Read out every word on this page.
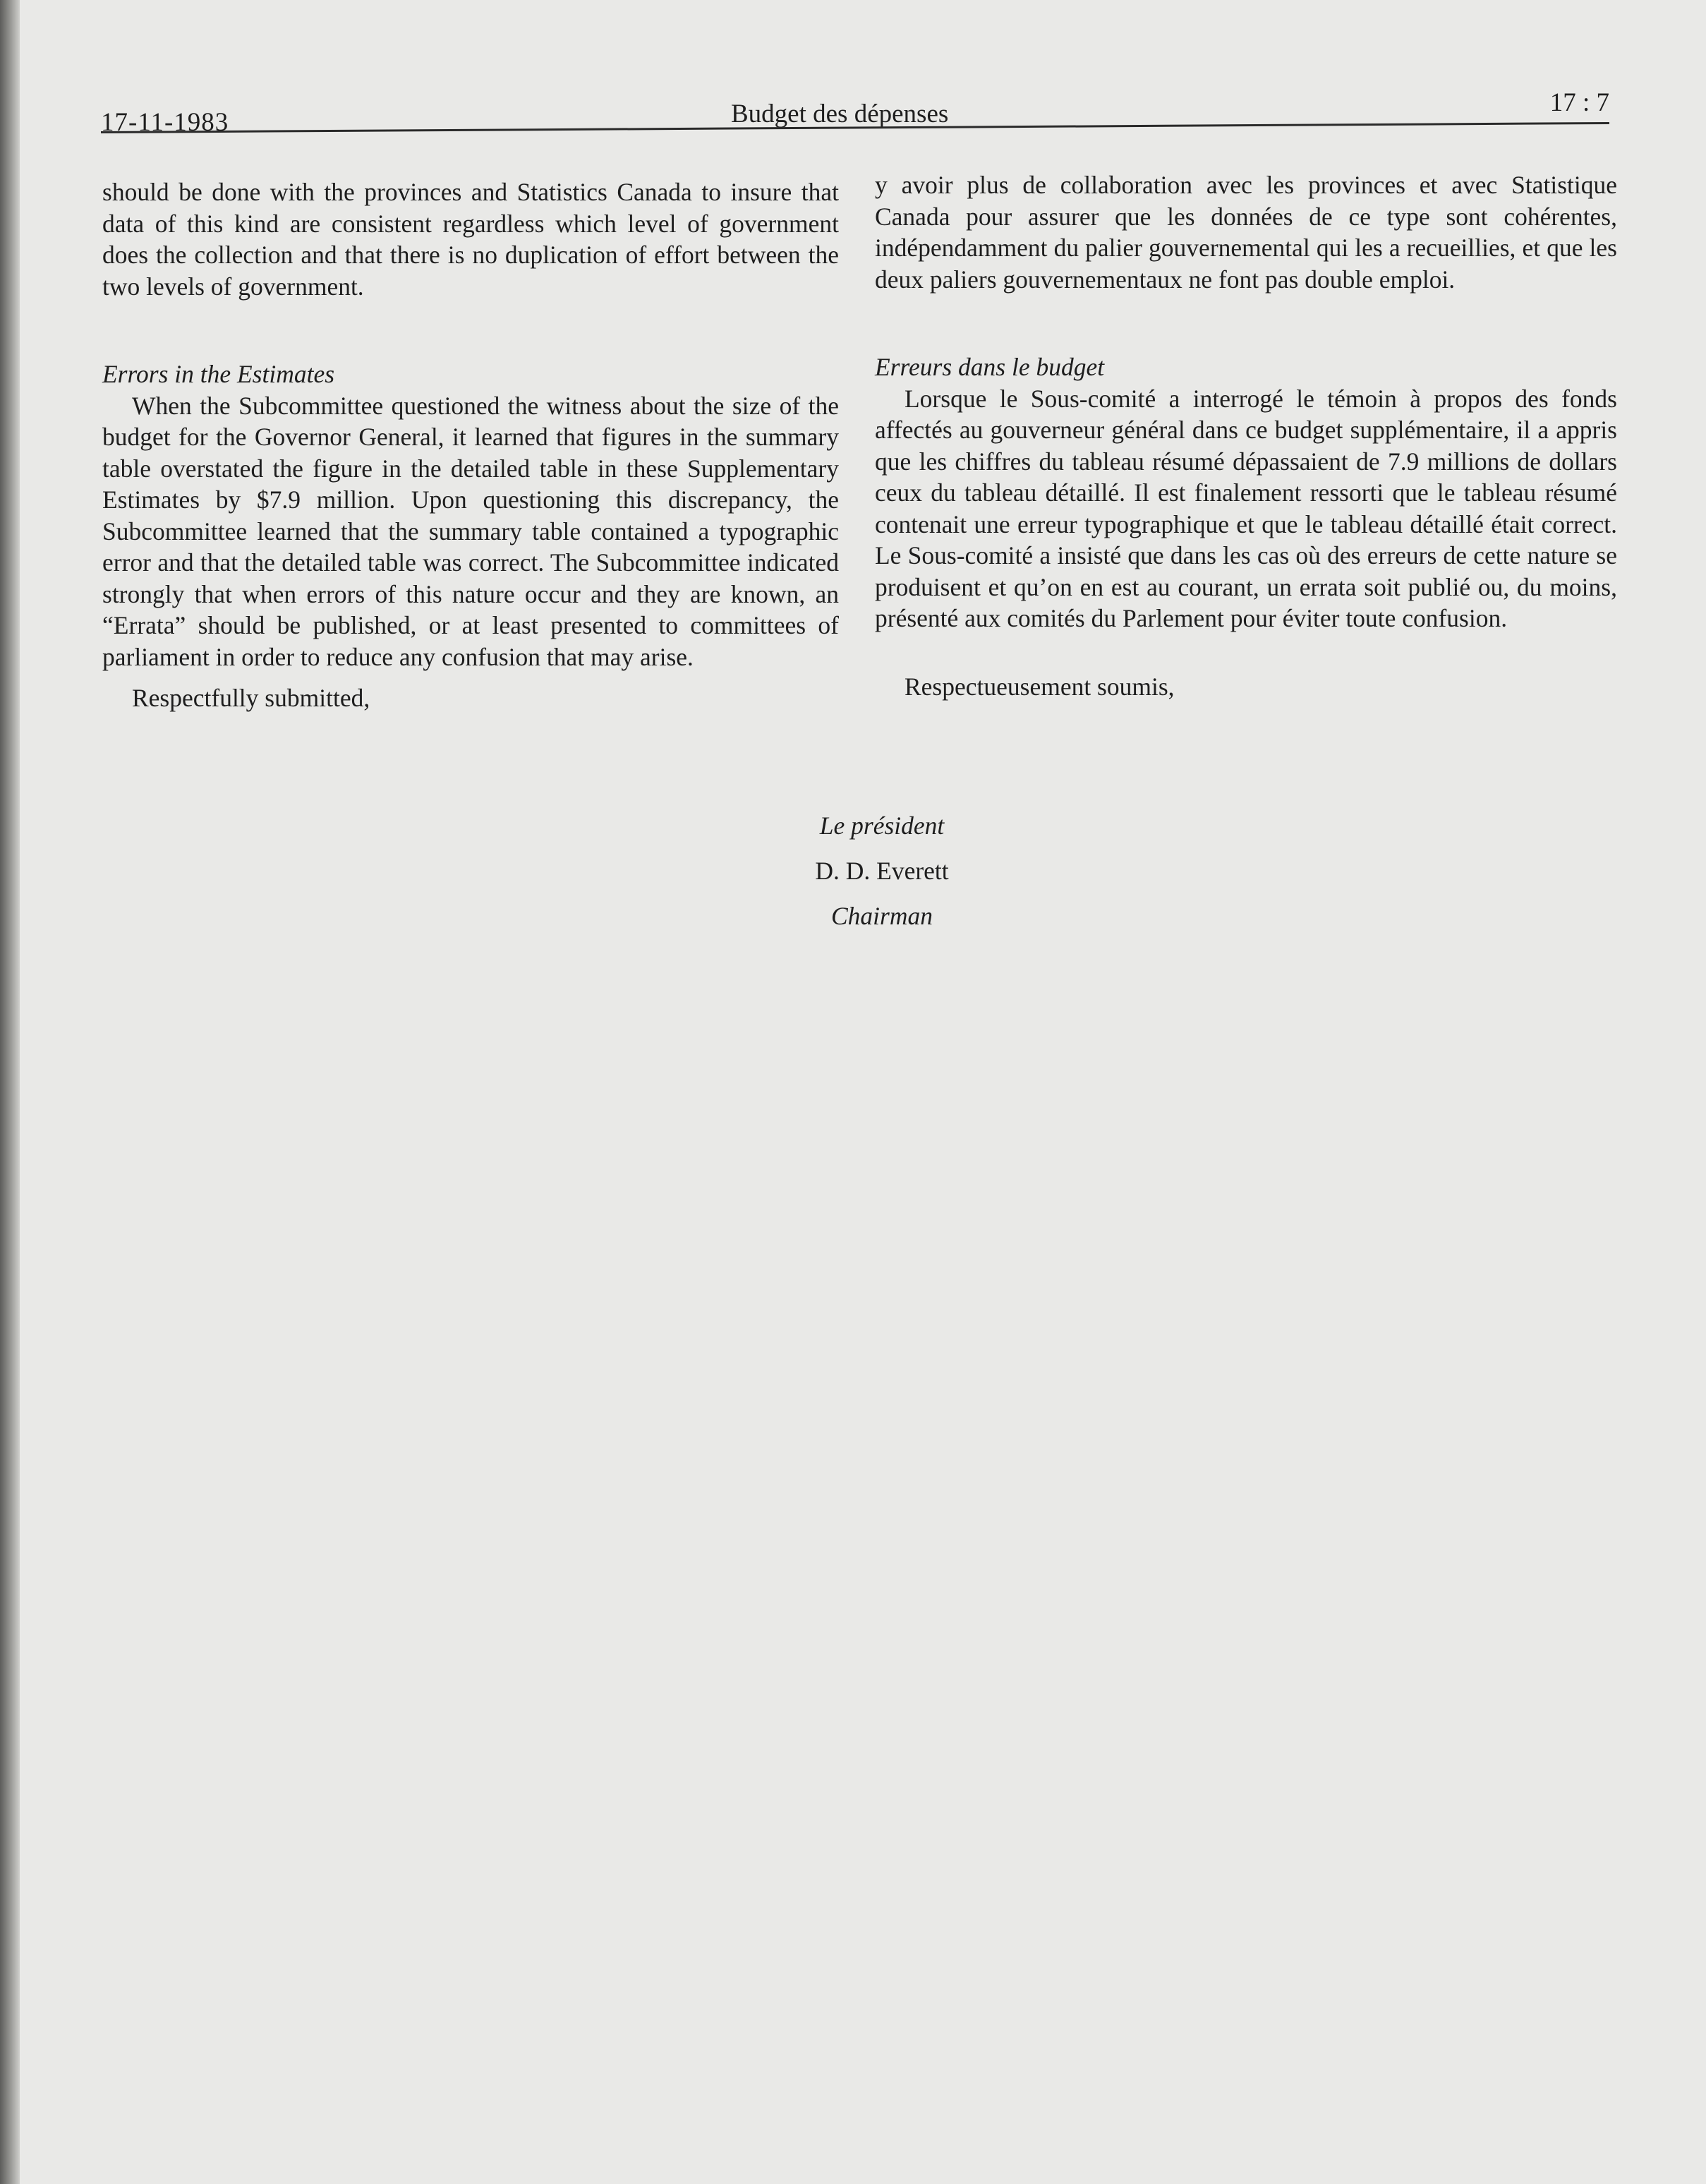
17-11-1983	Budget des dépenses	17 : 7

should be done with the provinces and Statistics Canada to insure that data of this kind are consistent regardless which level of government does the collection and that there is no duplication of effort between the two levels of government.

Errors in the Estimates

When the Subcommittee questioned the witness about the size of the budget for the Governor General, it learned that figures in the summary table overstated the figure in the detailed table in these Supplementary Estimates by $7.9 million. Upon questioning this discrepancy, the Subcommittee learned that the summary table contained a typographic error and that the detailed table was correct. The Subcommittee indicated strongly that when errors of this nature occur and they are known, an “Errata” should be published, or at least presented to committees of parliament in order to reduce any confusion that may arise.

Respectfully submitted,

y avoir plus de collaboration avec les provinces et avec Statistique Canada pour assurer que les données de ce type sont cohérentes, indépendamment du palier gouvernemental qui les a recueillies, et que les deux paliers gouvernementaux ne font pas double emploi.

Erreurs dans le budget

Lorsque le Sous-comité a interrogé le témoin à propos des fonds affectés au gouverneur général dans ce budget supplémentaire, il a appris que les chiffres du tableau résumé dépassaient de 7.9 millions de dollars ceux du tableau détaillé. Il est finalement ressorti que le tableau résumé contenait une erreur typographique et que le tableau détaillé était correct. Le Sous-comité a insisté que dans les cas où des erreurs de cette nature se produisent et qu’on en est au courant, un errata soit publié ou, du moins, présenté aux comités du Parlement pour éviter toute confusion.

Respectueusement soumis,

Le président
D. D. Everett
Chairman
